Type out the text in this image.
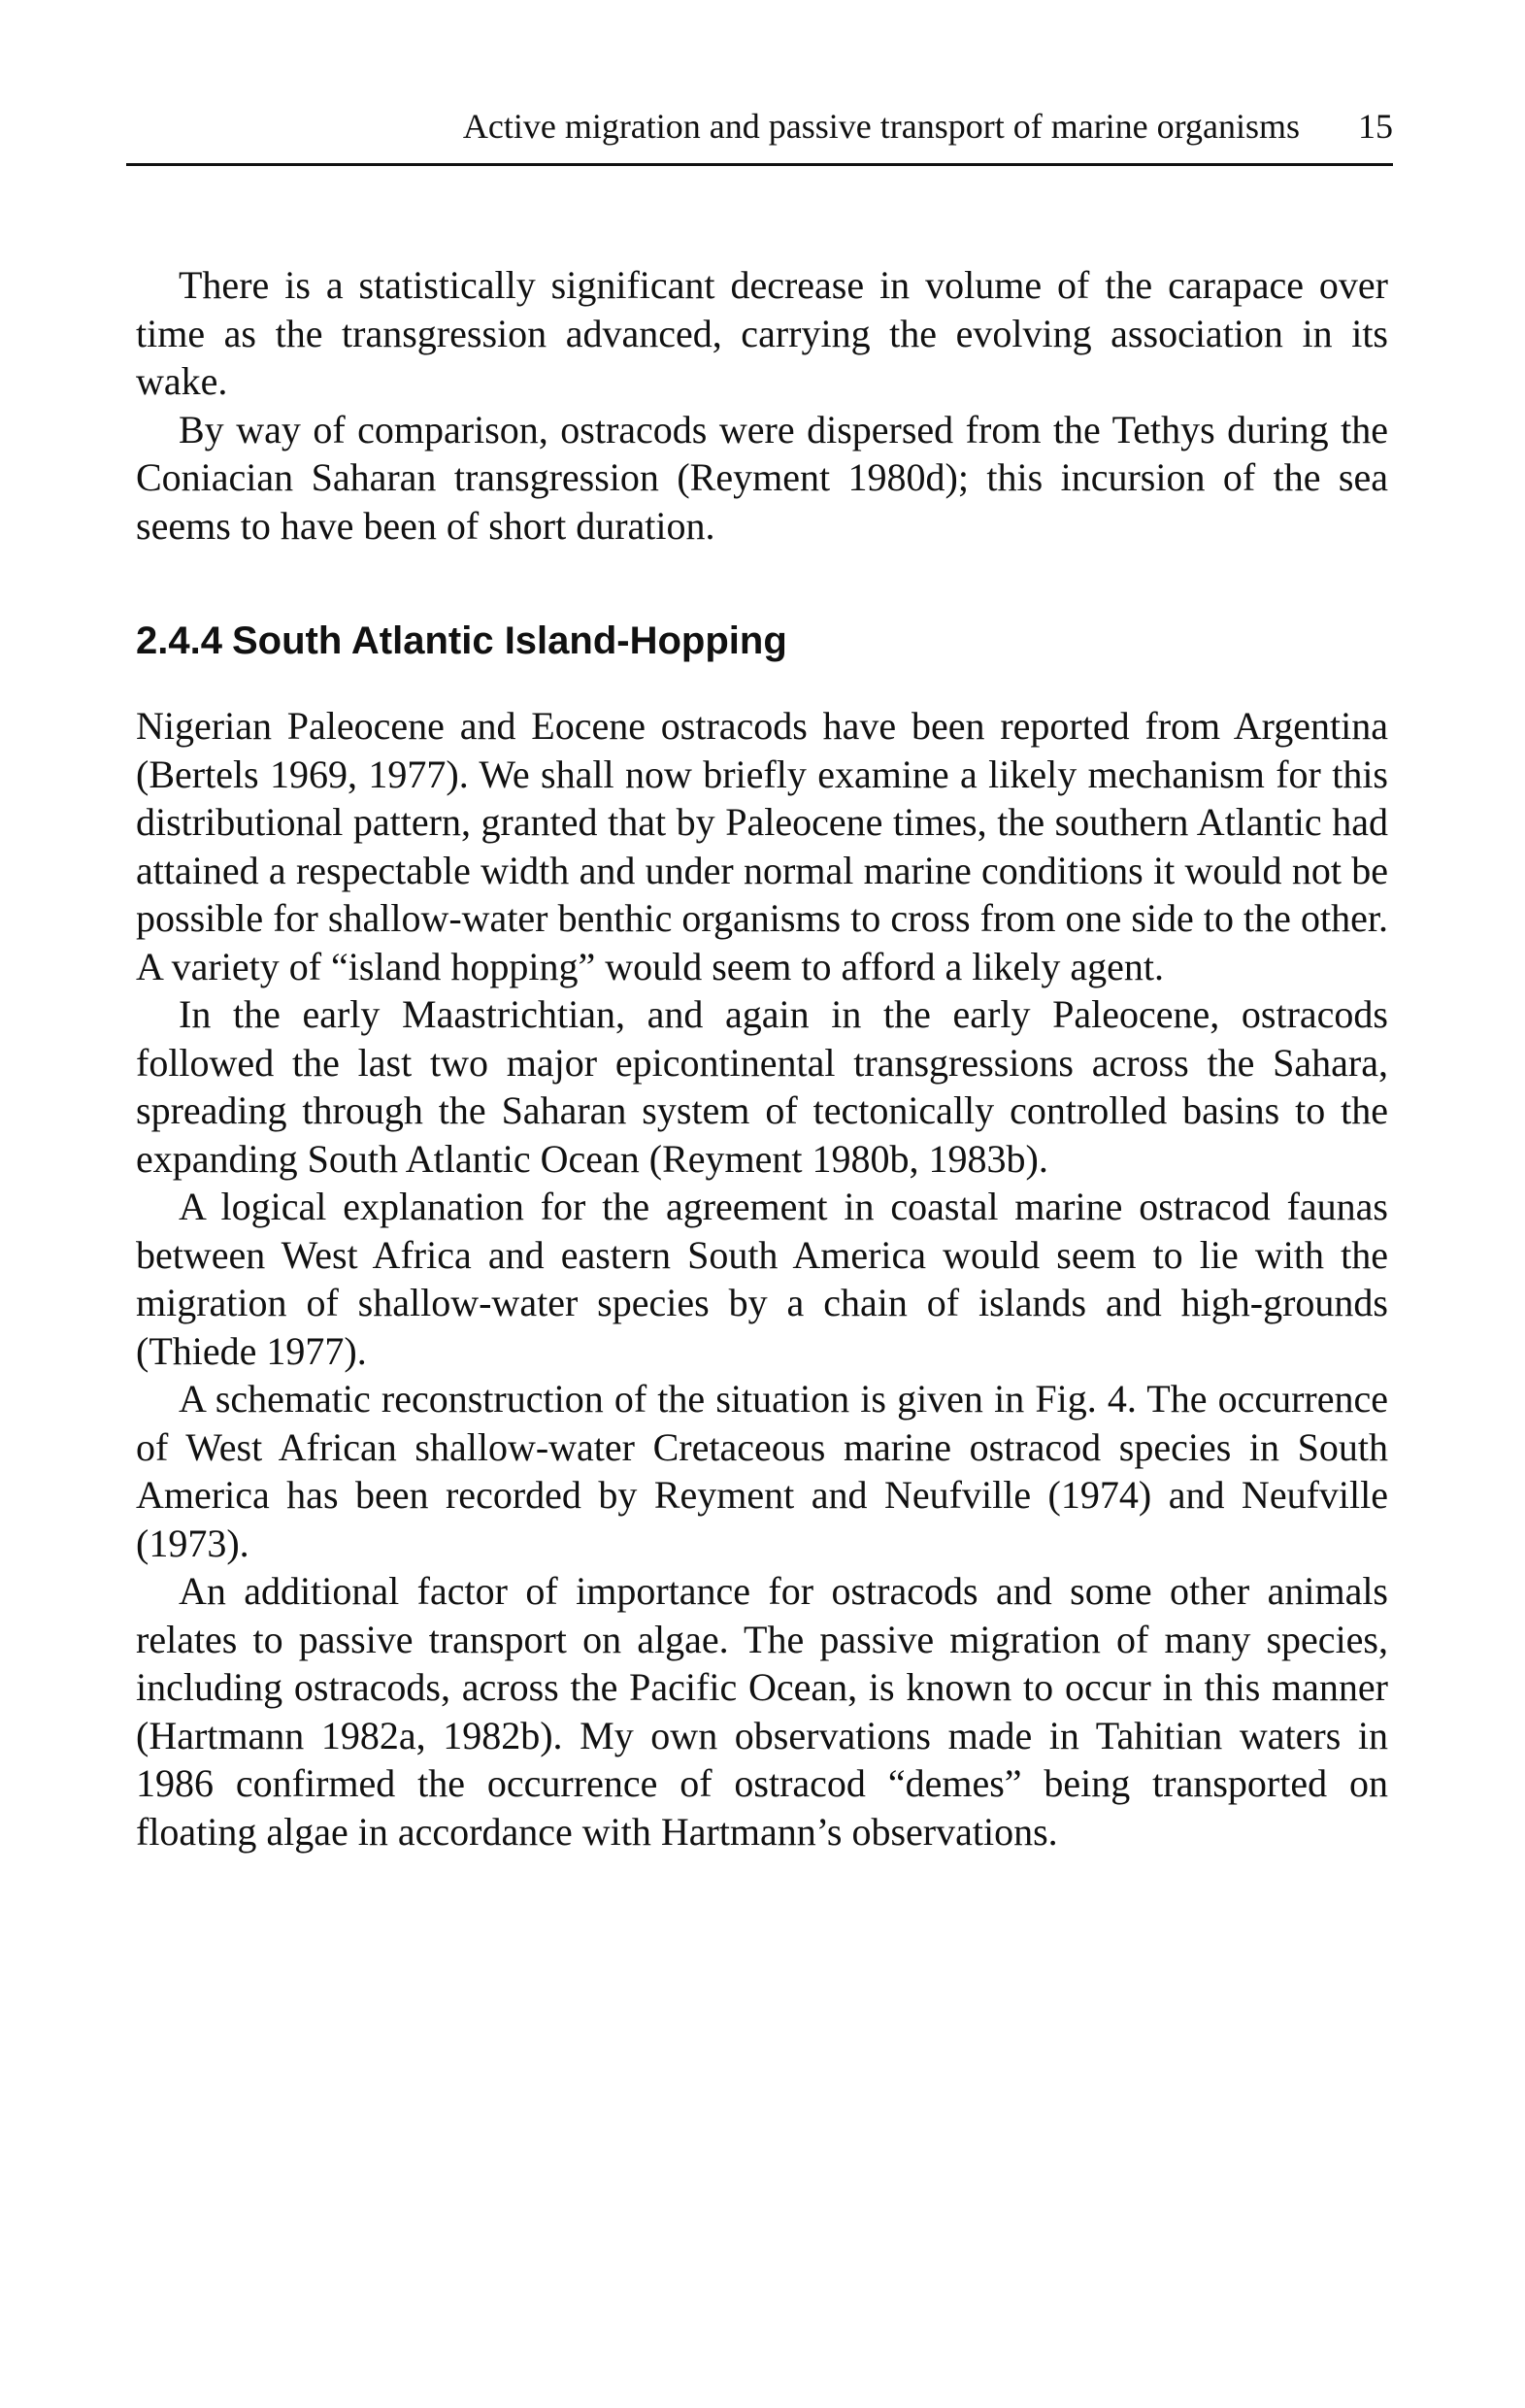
Active migration and passive transport of marine organisms 15

There is a statistically significant decrease in volume of the carapace over time as the transgression advanced, carrying the evolving association in its wake.

By way of comparison, ostracods were dispersed from the Tethys during the Coniacian Saharan transgression (Reyment 1980d); this incursion of the sea seems to have been of short duration.

2.4.4 South Atlantic Island-Hopping

Nigerian Paleocene and Eocene ostracods have been reported from Argentina (Bertels 1969, 1977). We shall now briefly examine a likely mechanism for this distributional pattern, granted that by Paleocene times, the southern Atlantic had attained a respectable width and under normal marine conditions it would not be possible for shallow-water benthic organisms to cross from one side to the other. A variety of “island hopping” would seem to afford a likely agent.

In the early Maastrichtian, and again in the early Paleocene, ostracods followed the last two major epicontinental transgressions across the Sahara, spreading through the Saharan system of tectonically controlled basins to the expanding South Atlantic Ocean (Reyment 1980b, 1983b).

A logical explanation for the agreement in coastal marine ostracod faunas between West Africa and eastern South America would seem to lie with the migration of shallow-water species by a chain of islands and high-grounds (Thiede 1977).

A schematic reconstruction of the situation is given in Fig. 4. The occurrence of West African shallow-water Cretaceous marine ostracod species in South America has been recorded by Reyment and Neufville (1974) and Neufville (1973).

An additional factor of importance for ostracods and some other animals relates to passive transport on algae. The passive migration of many species, including ostracods, across the Pacific Ocean, is known to occur in this manner (Hartmann 1982a, 1982b). My own observations made in Tahitian waters in 1986 confirmed the occurrence of ostracod “demes” being transported on floating algae in accordance with Hartmann’s observations.
